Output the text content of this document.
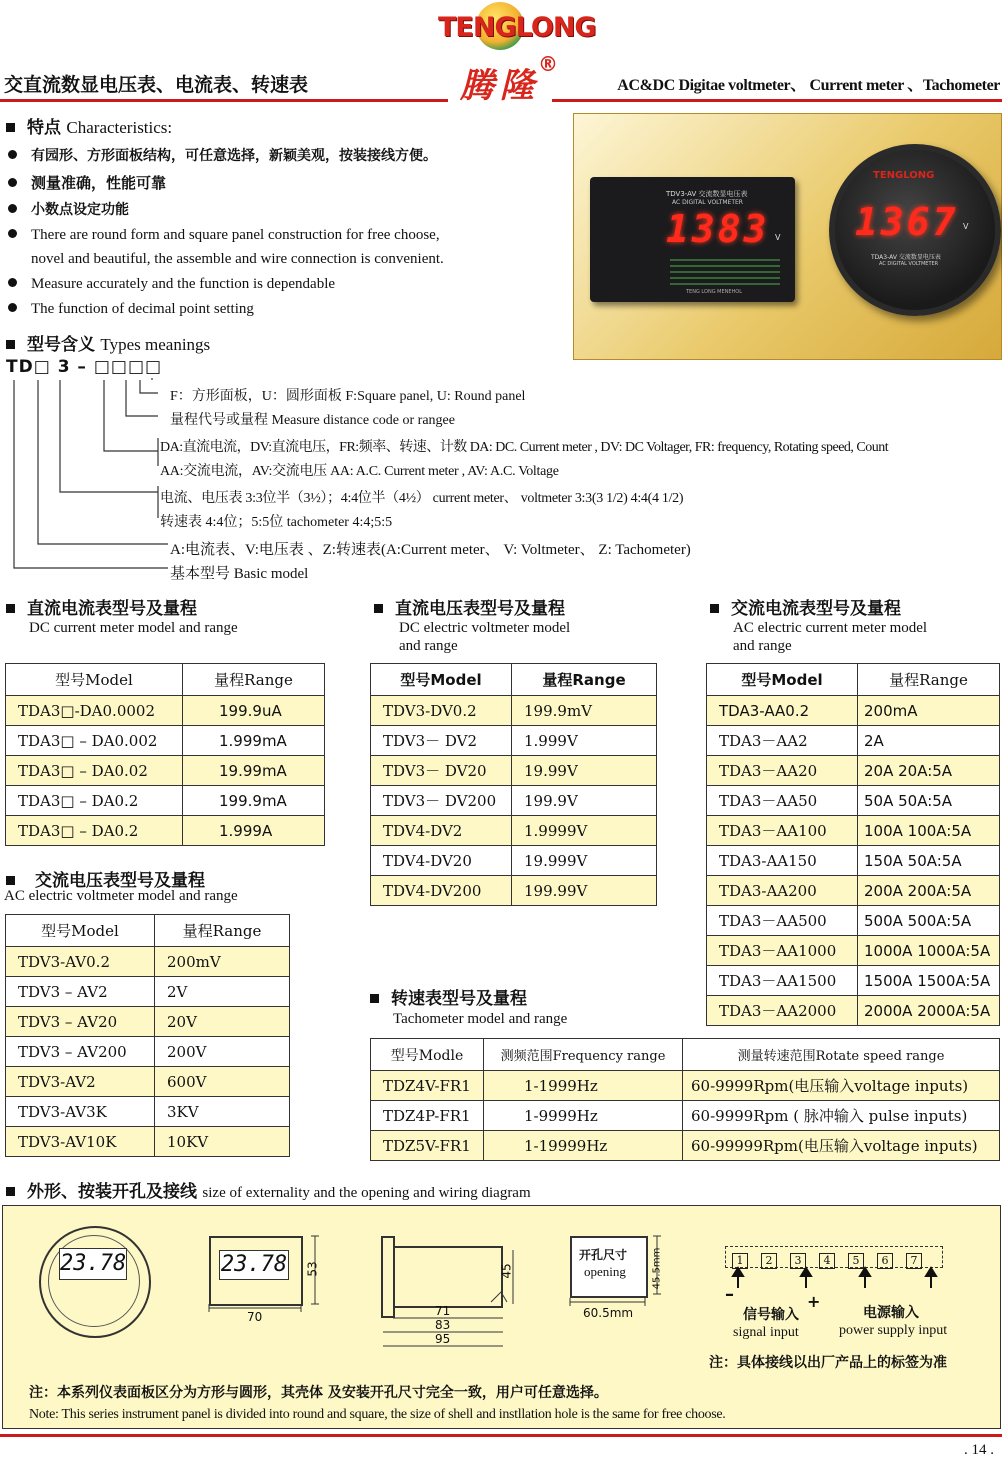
TENGLONG
腾隆
®
交直流数显电压表、电流表、转速表	AC&DC Digitae voltmeter、 Current meter 、Tachometer
特点 Characteristics:
有园形、方形面板结构，可任意选择，新颖美观，按装接线方便。
测量准确，性能可靠
小数点设定功能
There are round form and square panel construction for free choose,
novel and beautiful, the assemble and wire connection is convenient.
Measure accurately and the function is dependable
The function of decimal point setting
TDV3-AV 交流数显电压表
AC DIGITAL VOLTMETER
1383 V
TENG LONG MENEHOL
TENGLONG
1367 V
TDA3-AV 交流数显电压表
AC DIGITAL VOLTMETER
型号含义 Types meanings
TD□ 3 – □□□□
F：方形面板，U：圆形面板 F:Square panel, U: Round panel
量程代号或量程 Measure distance code or rangee
DA:直流电流，DV:直流电压，FR:频率、转速、计数 DA: DC. Current meter , DV: DC Voltager, FR: frequency, Rotating speed, Count
AA:交流电流，AV:交流电压 AA: A.C. Current meter , AV: A.C. Voltage
电流、电压表 3:3位半（3½）；4:4位半（4½） current meter、 voltmeter 3:3(3 1/2) 4:4(4 1/2)
转速表 4:4位；5:5位 tachometer 4:4;5:5
A:电流表、V:电压表 、Z:转速表(A:Current meter、 V: Voltmeter、 Z: Tachometer)
基本型号 Basic model
直流电流表型号及量程
DC current meter model and range
型号Model	量程Range
TDA3□-DA0.0002	199.9uA
TDA3□ – DA0.002	1.999mA
TDA3□ – DA0.02	19.99mA
TDA3□ – DA0.2	199.9mA
TDA3□ – DA0.2	1.999A
直流电压表型号及量程
DC electric voltmeter model
and range
型号Model	量程Range
TDV3-DV0.2	199.9mV
TDV3－ DV2	1.999V
TDV3－ DV20	19.99V
TDV3－ DV200	199.9V
TDV4-DV2	1.9999V
TDV4-DV20	19.999V
TDV4-DV200	199.99V
交流电流表型号及量程
AC electric current meter model
and range
型号Model	量程Range
TDA3-AA0.2	200mA
TDA3－AA2	2A
TDA3－AA20	20A 20A:5A
TDA3－AA50	50A 50A:5A
TDA3－AA100	100A 100A:5A
TDA3-AA150	150A 50A:5A
TDA3-AA200	200A 200A:5A
TDA3－AA500	500A 500A:5A
TDA3－AA1000	1000A 1000A:5A
TDA3－AA1500	1500A 1500A:5A
TDA3－AA2000	2000A 2000A:5A
交流电压表型号及量程
AC electric voltmeter model and range
型号Model	量程Range
TDV3-AV0.2	200mV
TDV3 – AV2	2V
TDV3 – AV20	20V
TDV3 – AV200	200V
TDV3-AV2	600V
TDV3-AV3K	3KV
TDV3-AV10K	10KV
转速表型号及量程
Tachometer model and range
型号Modle	测频范围Frequency range	测量转速范围Rotate speed range
TDZ4V-FR1	1-1999Hz	60-9999Rpm(电压输入voltage inputs)
TDZ4P-FR1	1-9999Hz	60-9999Rpm ( 脉冲输入 pulse inputs)
TDZ5V-FR1	1-19999Hz	60-99999Rpm(电压输入voltage inputs)
外形、按装开孔及接线 size of externality and the opening and wiring diagram
23.78	23.78
70
53	45
71
83
95
开孔尺寸
opening	45.5mm
60.5mm
1 2 3 4 5 6 7
–	+
信号输入
signal input
电源输入
power supply input
注：具体接线以出厂产品上的标签为准
注：本系列仪表面板区分为方形与圆形，其壳体 及安装开孔尺寸完全一致，用户可任意选择。
Note: This series instrument panel is divided into round and square, the size of shell and instllation hole is the same for free choose.
. 14 .
